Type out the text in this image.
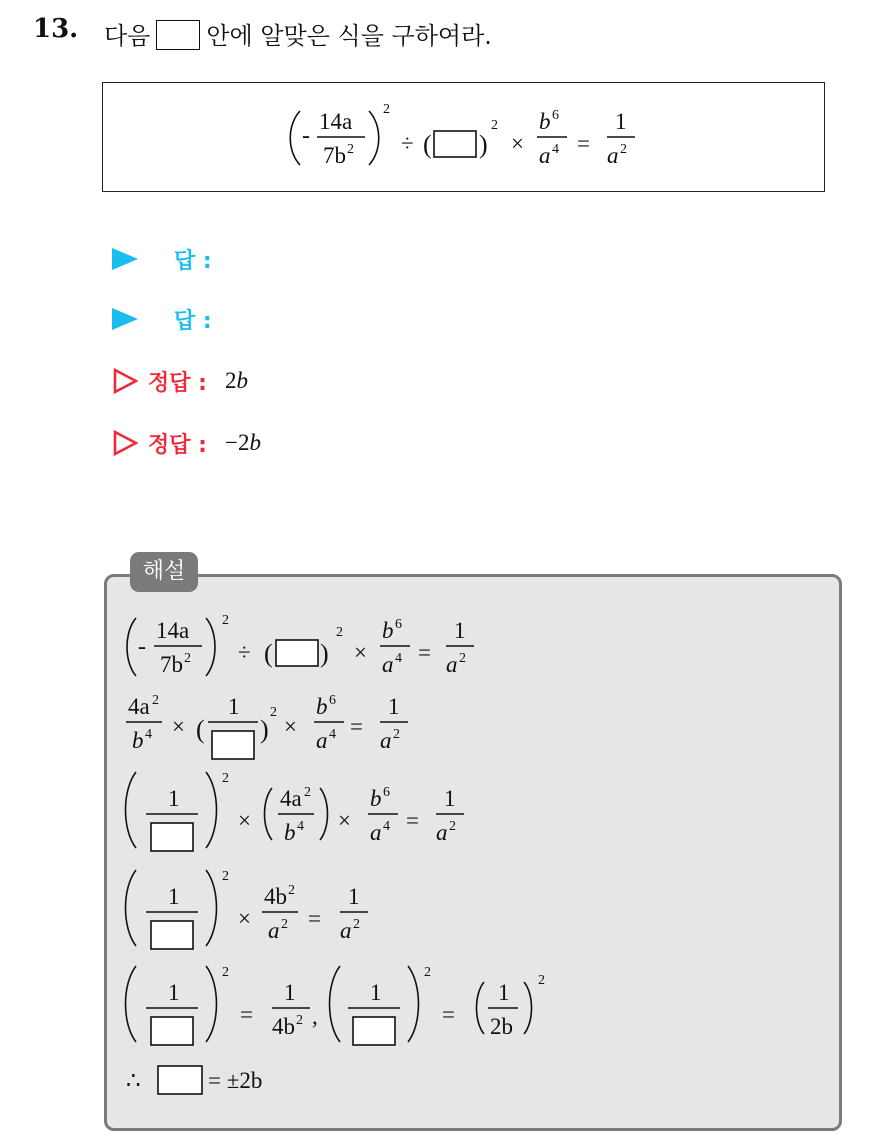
13. 다음 안에 알맞은 식을 구하여라.
-
14a
7b 2
2
÷ ( )
2
×
b 6
a 4 =
1
a 2
답 :
답 :
정답 : 2b
정답 : −2b
해설
-
14a
7b 2
2
÷ ( )
2
×
b 6
a 4 =
1
a 2
4a 2
b 4 × (
1
)
2
×
b 6
a 4 =
1
a 2
1
2
×
4a 2
b 4 ×
b 6
a 4 =
1
a 2
1
2
×
4b 2
a 2 =
1
a 2
1
2
=
1
4b 2 ,
1
2
=
1
2b
2
∴	= ±2b
